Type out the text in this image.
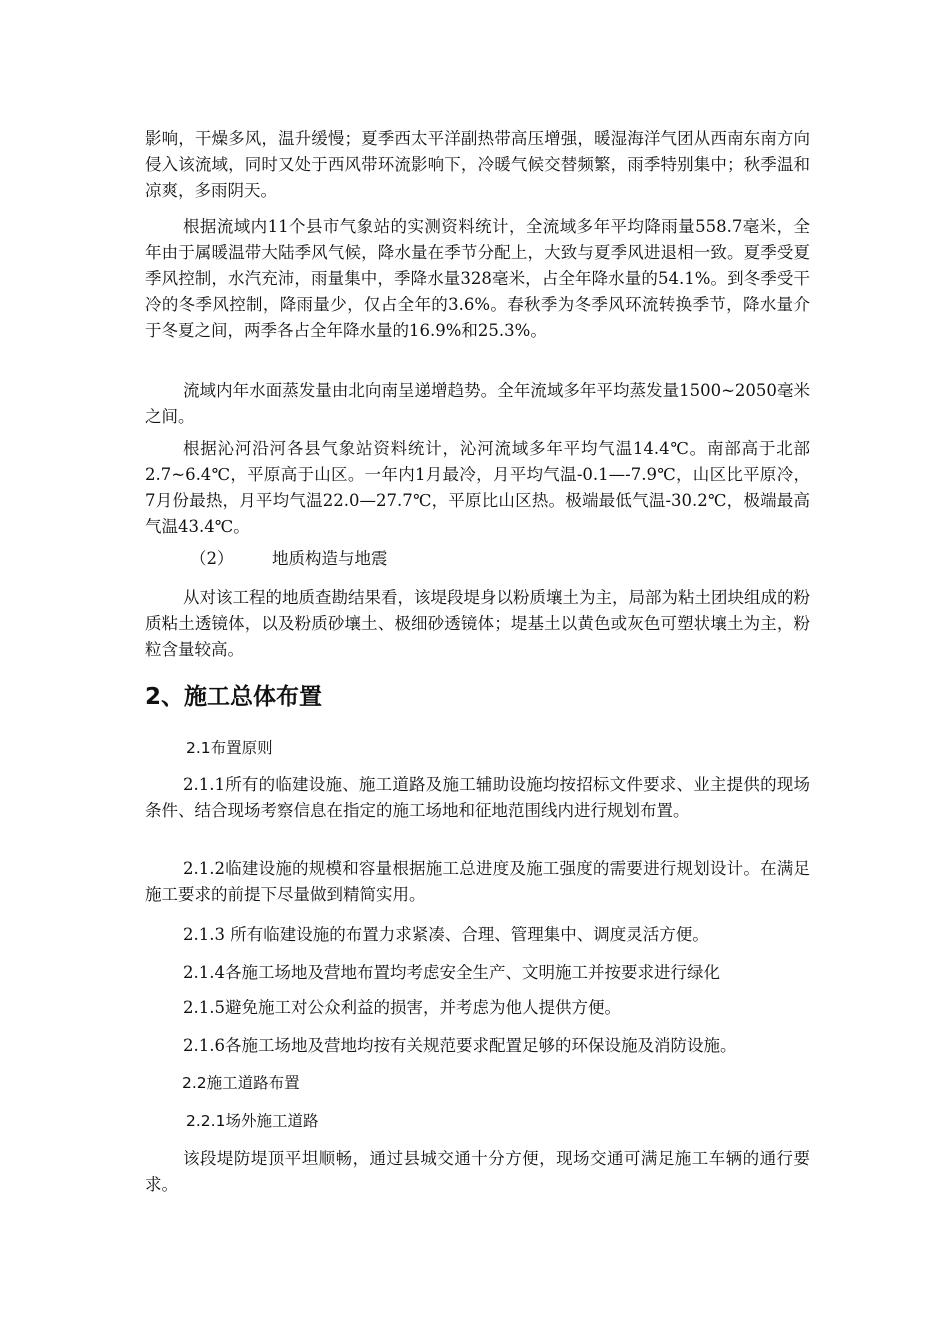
影响，干燥多风，温升缓慢；夏季西太平洋副热带高压增强，暖湿海洋气团从西南东南方向侵入该流域，同时又处于西风带环流影响下，冷暖气候交替频繁，雨季特别集中；秋季温和凉爽，多雨阴天。

根据流域内11个县市气象站的实测资料统计，全流域多年平均降雨量558.7毫米，全年由于属暖温带大陆季风气候，降水量在季节分配上，大致与夏季风进退相一致。夏季受夏季风控制，水汽充沛，雨量集中，季降水量328毫米，占全年降水量的54.1%。到冬季受干冷的冬季风控制，降雨量少，仅占全年的3.6%。春秋季为冬季风环流转换季节，降水量介于冬夏之间，两季各占全年降水量的16.9%和25.3%。

流域内年水面蒸发量由北向南呈递增趋势。全年流域多年平均蒸发量1500~2050毫米之间。

根据沁河沿河各县气象站资料统计，沁河流域多年平均气温14.4℃。南部高于北部2.7~6.4℃，平原高于山区。一年内1月最冷，月平均气温-0.1—-7.9℃，山区比平原冷，7月份最热，月平均气温22.0—27.7℃，平原比山区热。极端最低气温-30.2℃，极端最高气温43.4℃。

（2） 地质构造与地震

从对该工程的地质查勘结果看，该堤段堤身以粉质壤土为主，局部为粘土团块组成的粉质粘土透镜体，以及粉质砂壤土、极细砂透镜体；堤基土以黄色或灰色可塑状壤土为主，粉粒含量较高。

2、施工总体布置

2.1布置原则

2.1.1所有的临建设施、施工道路及施工辅助设施均按招标文件要求、业主提供的现场条件、结合现场考察信息在指定的施工场地和征地范围线内进行规划布置。

2.1.2临建设施的规模和容量根据施工总进度及施工强度的需要进行规划设计。在满足施工要求的前提下尽量做到精简实用。

2.1.3 所有临建设施的布置力求紧凑、合理、管理集中、调度灵活方便。

2.1.4各施工场地及营地布置均考虑安全生产、文明施工并按要求进行绿化

2.1.5避免施工对公众利益的损害，并考虑为他人提供方便。

2.1.6各施工场地及营地均按有关规范要求配置足够的环保设施及消防设施。

2.2施工道路布置

2.2.1场外施工道路

该段堤防堤顶平坦顺畅，通过县城交通十分方便，现场交通可满足施工车辆的通行要求。
